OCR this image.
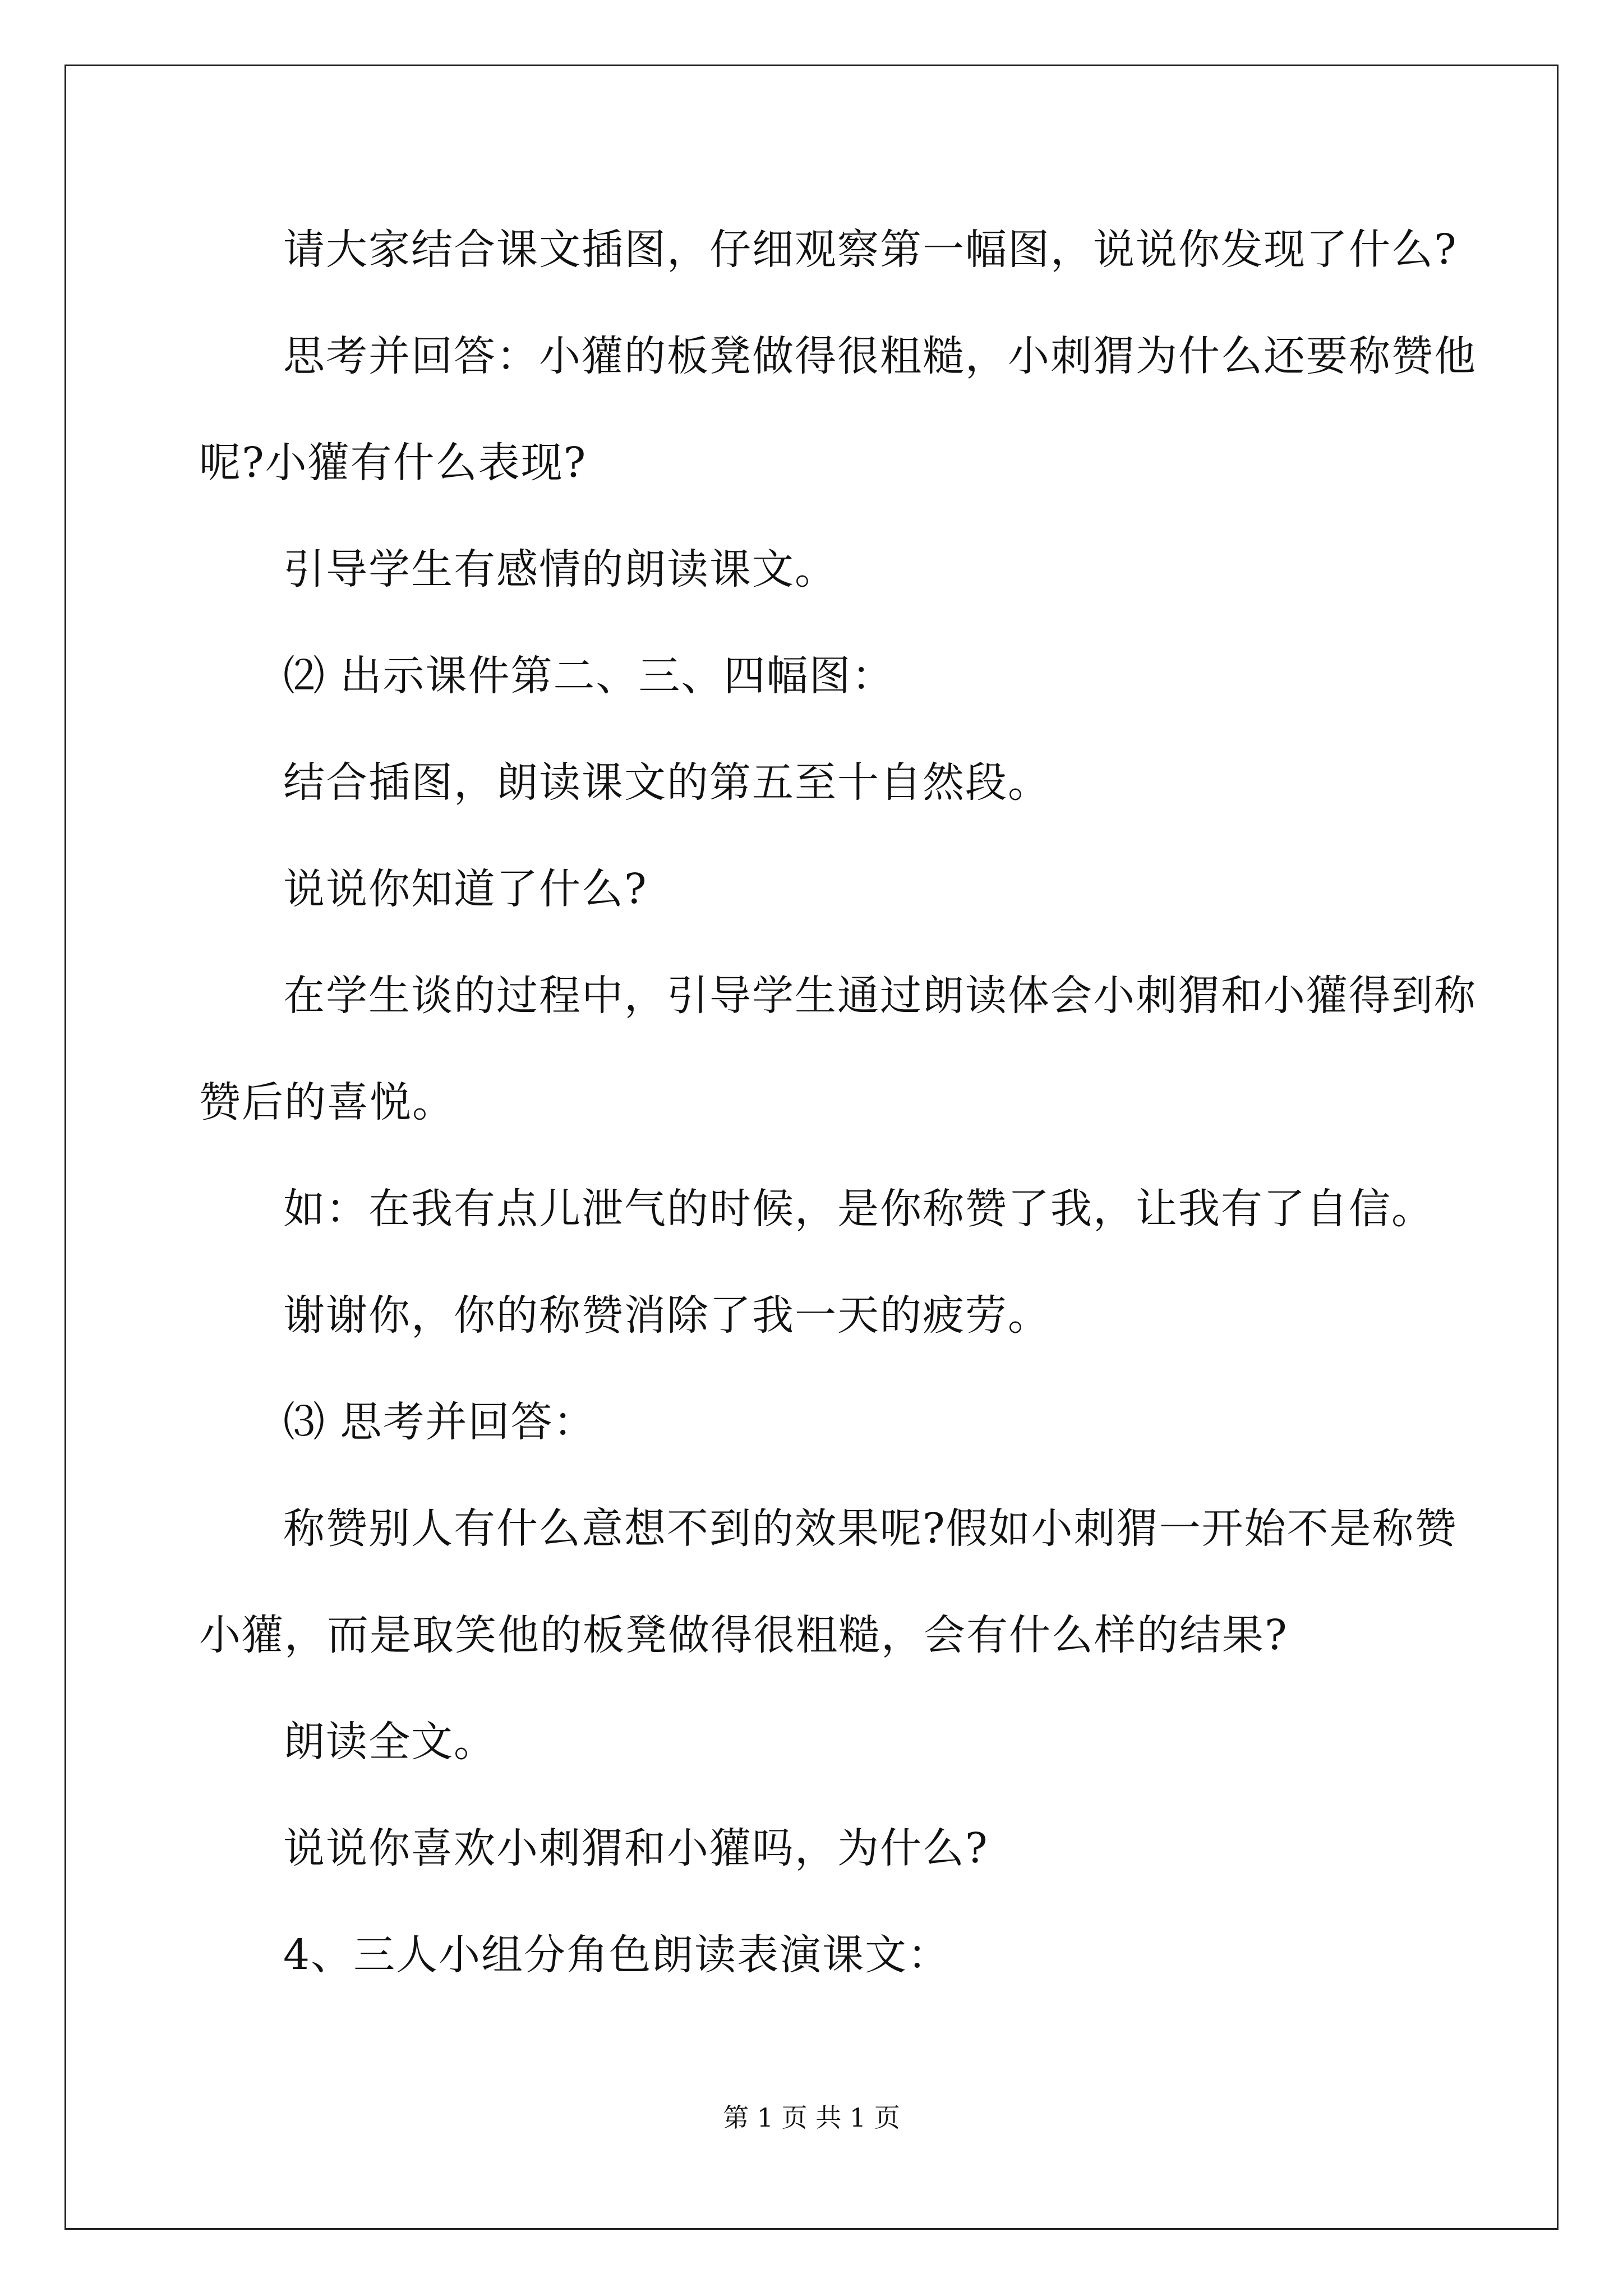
请大家结合课文插图，仔细观察第一幅图，说说你发现了什么?
思考并回答：小獾的板凳做得很粗糙，小刺猬为什么还要称赞他
呢?小獾有什么表现?
引导学生有感情的朗读课文。
⑵ 出示课件第二、三、四幅图：
结合插图，朗读课文的第五至十自然段。
说说你知道了什么?
在学生谈的过程中，引导学生通过朗读体会小刺猬和小獾得到称
赞后的喜悦。
如：在我有点儿泄气的时候，是你称赞了我，让我有了自信。
谢谢你，你的称赞消除了我一天的疲劳。
⑶ 思考并回答：
称赞别人有什么意想不到的效果呢?假如小刺猬一开始不是称赞
小獾，而是取笑他的板凳做得很粗糙，会有什么样的结果?
朗读全文。
说说你喜欢小刺猬和小獾吗，为什么?
4、三人小组分角色朗读表演课文：
第 1 页 共 1 页
